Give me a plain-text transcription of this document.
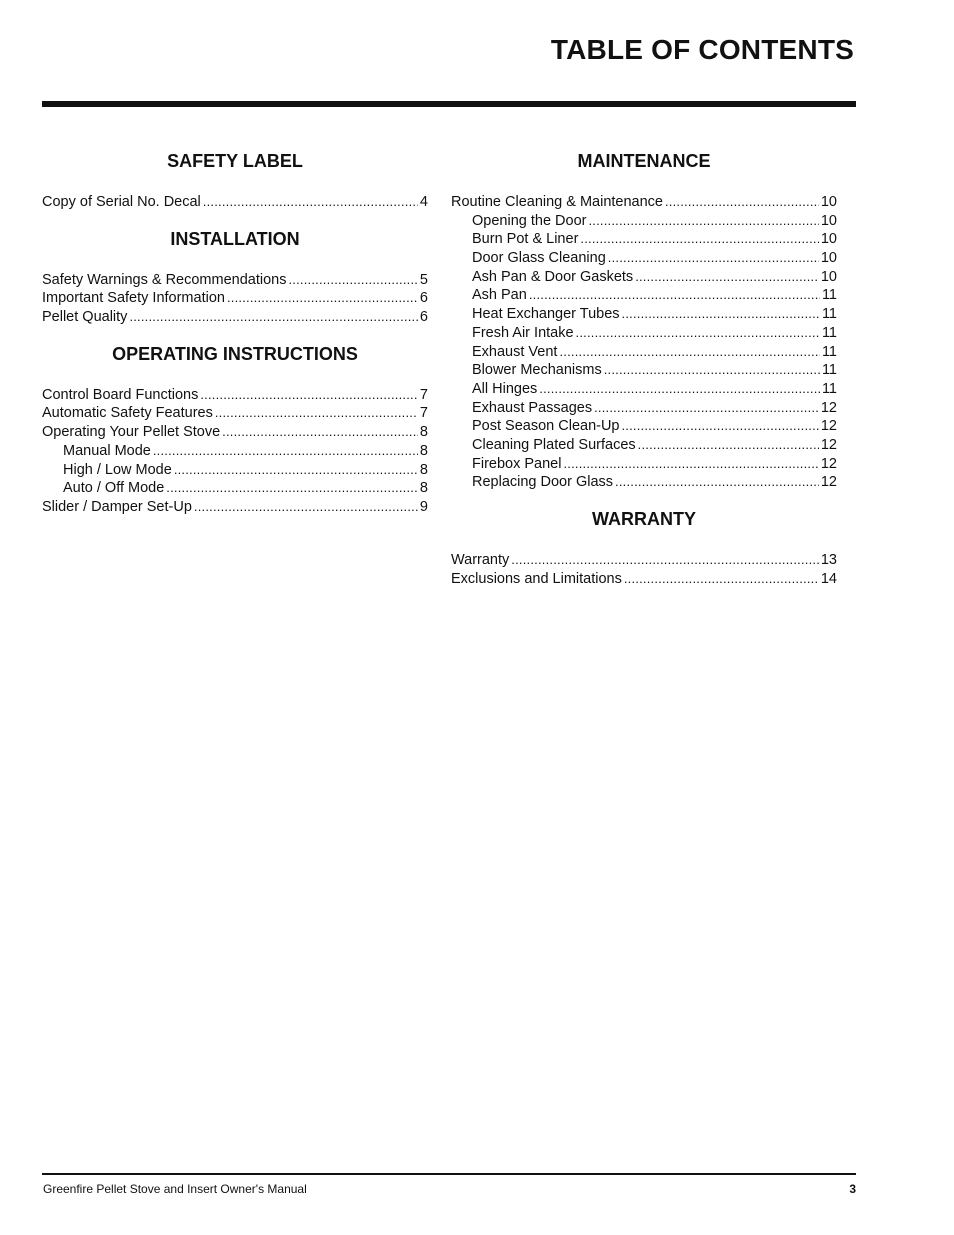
TABLE OF CONTENTS
SAFETY LABEL
Copy of Serial No. Decal .....	4
INSTALLATION
Safety Warnings & Recommendations .....	5
Important Safety Information .....	6
Pellet Quality .....	6
OPERATING INSTRUCTIONS
Control Board Functions .....	7
Automatic Safety Features .....	7
Operating Your Pellet Stove .....	8
Manual Mode .....	8
High / Low Mode .....	8
Auto / Off Mode .....	8
Slider / Damper Set-Up .....	9
MAINTENANCE
Routine Cleaning & Maintenance .....	10
Opening the Door .....	10
Burn Pot & Liner .....	10
Door Glass Cleaning .....	10
Ash Pan & Door Gaskets .....	10
Ash Pan .....	11
Heat Exchanger Tubes .....	11
Fresh Air Intake .....	11
Exhaust Vent .....	11
Blower Mechanisms .....	11
All Hinges .....	11
Exhaust Passages .....	12
Post Season Clean-Up .....	12
Cleaning Plated Surfaces .....	12
Firebox Panel .....	12
Replacing Door Glass .....	12
WARRANTY
Warranty .....	13
Exclusions and Limitations .....	14
Greenfire Pellet Stove and Insert Owner's Manual	3
